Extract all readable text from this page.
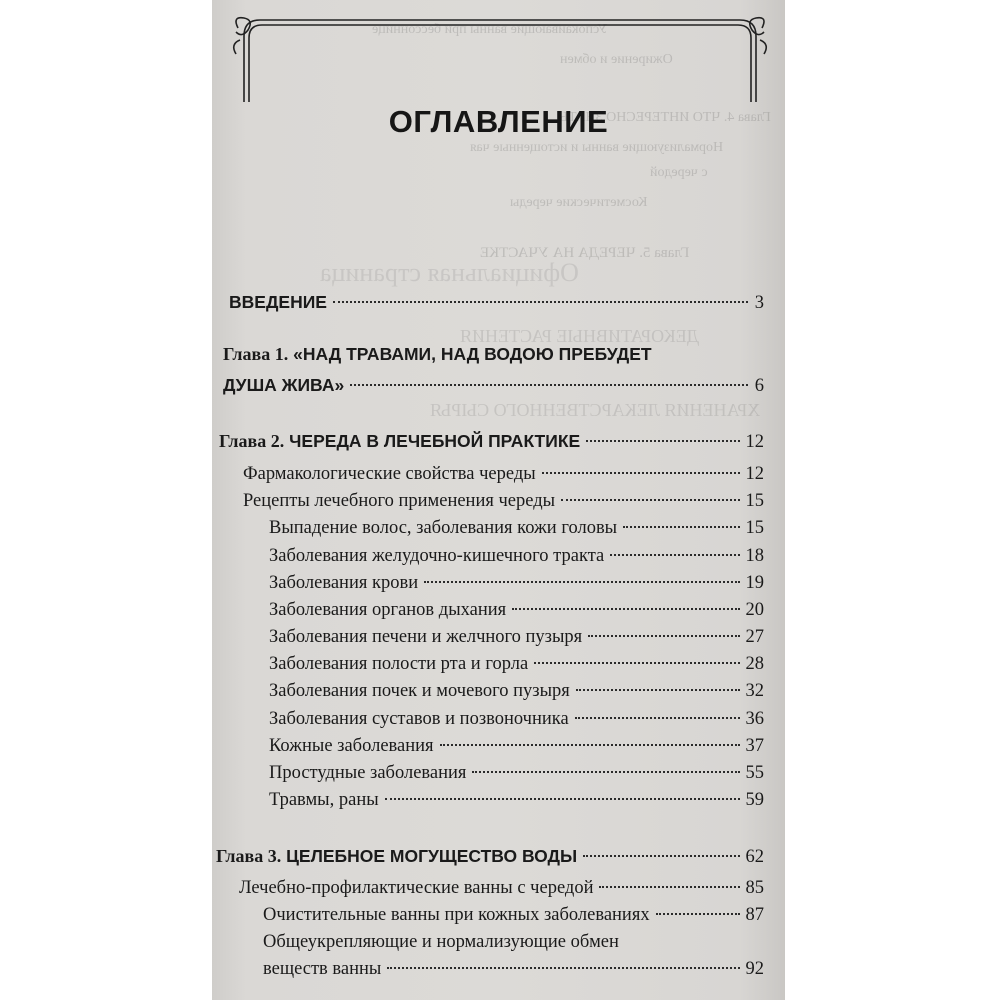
ОГЛАВЛЕНИЕ
ВВЕДЕНИЕ	3
Глава 1. «НАД ТРАВАМИ, НАД ВОДОЮ ПРЕБУДЕТ
ДУША ЖИВА»	6
Глава 2. ЧЕРЕДА В ЛЕЧЕБНОЙ ПРАКТИКЕ	12
Фармакологические свойства череды	12
Рецепты лечебного применения череды	15
Выпадение волос, заболевания кожи головы	15
Заболевания желудочно-кишечного тракта	18
Заболевания крови	19
Заболевания органов дыхания	20
Заболевания печени и желчного пузыря	27
Заболевания полости рта и горла	28
Заболевания почек и мочевого пузыря	32
Заболевания суставов и позвоночника	36
Кожные заболевания	37
Простудные заболевания	55
Травмы, раны	59
Глава 3. ЦЕЛЕБНОЕ МОГУЩЕСТВО ВОДЫ	62
Лечебно-профилактические ванны с чередой	85
Очистительные ванны при кожных заболеваниях	87
Общеукрепляющие и нормализующие обмен
веществ ванны	92
